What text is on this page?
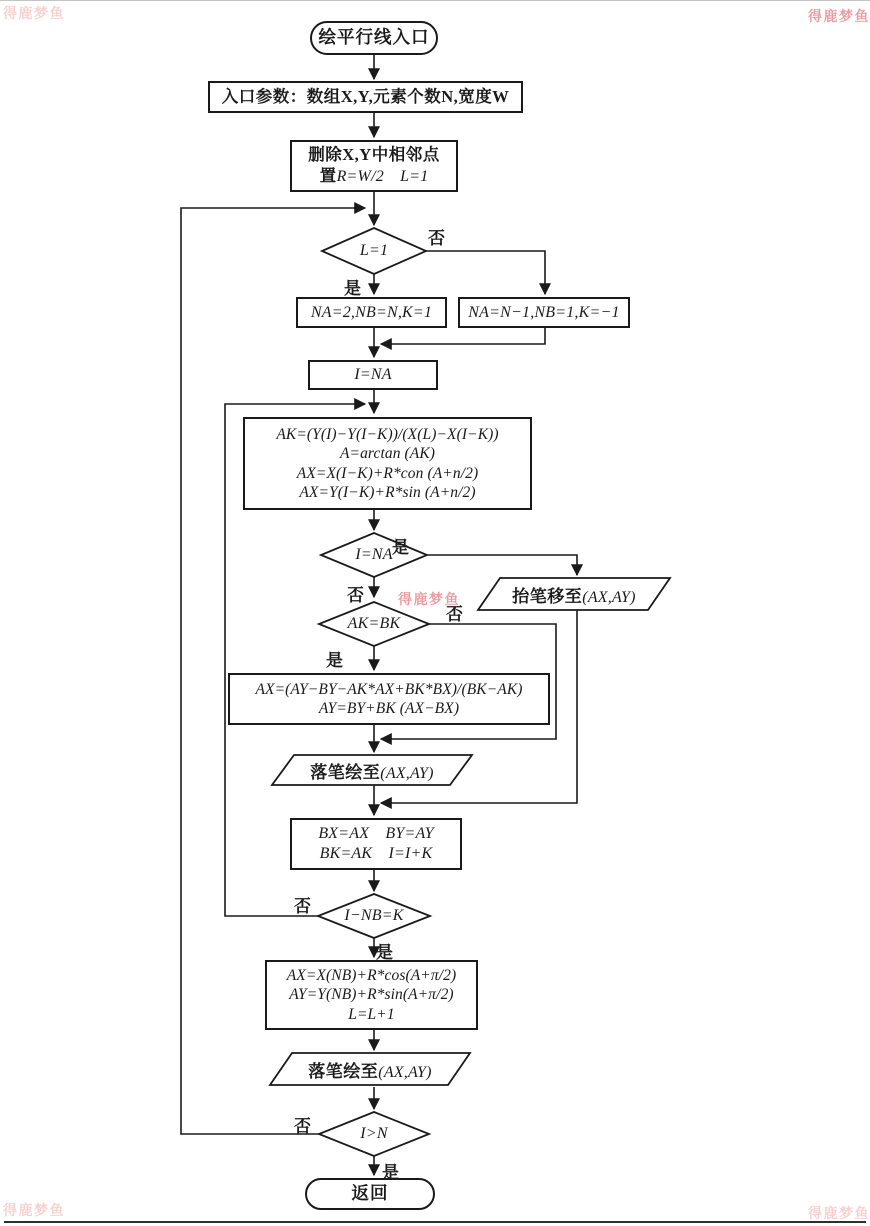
绘平行线入口
入口参数：数组X,Y,元素个数N,宽度W
删除X,Y中相邻点
置R=W/2　L=1
NA=2,NB=N,K=1 NA=N−1,NB=1,K=−1
I=NA
AK=(Y(I)−Y(I−K))/(X(L)−X(I−K))
A=arctan (AK)
AX=X(I−K)+R*con (A+n/2)
AX=Y(I−K)+R*sin (A+n/2)
AX=(AY−BY−AK*AX+BK*BX)/(BK−AK)
AY=BY+BK (AX−BX)
BX=AX　BY=AY
BK=AK　I=I+K
AX=X(NB)+R*cos(A+π/2)
AY=Y(NB)+R*sin(A+π/2)
L=L+1
返回
L=1
I=NA
AK=BK
I−NB=K
I>N
抬笔移至(AX,AY)
落笔绘至(AX,AY)
落笔绘至(AX,AY)
否
是
是
否
否
是
否
是
否
是
得鹿梦鱼	得鹿梦鱼
得鹿梦鱼
得鹿梦鱼	得鹿梦鱼
